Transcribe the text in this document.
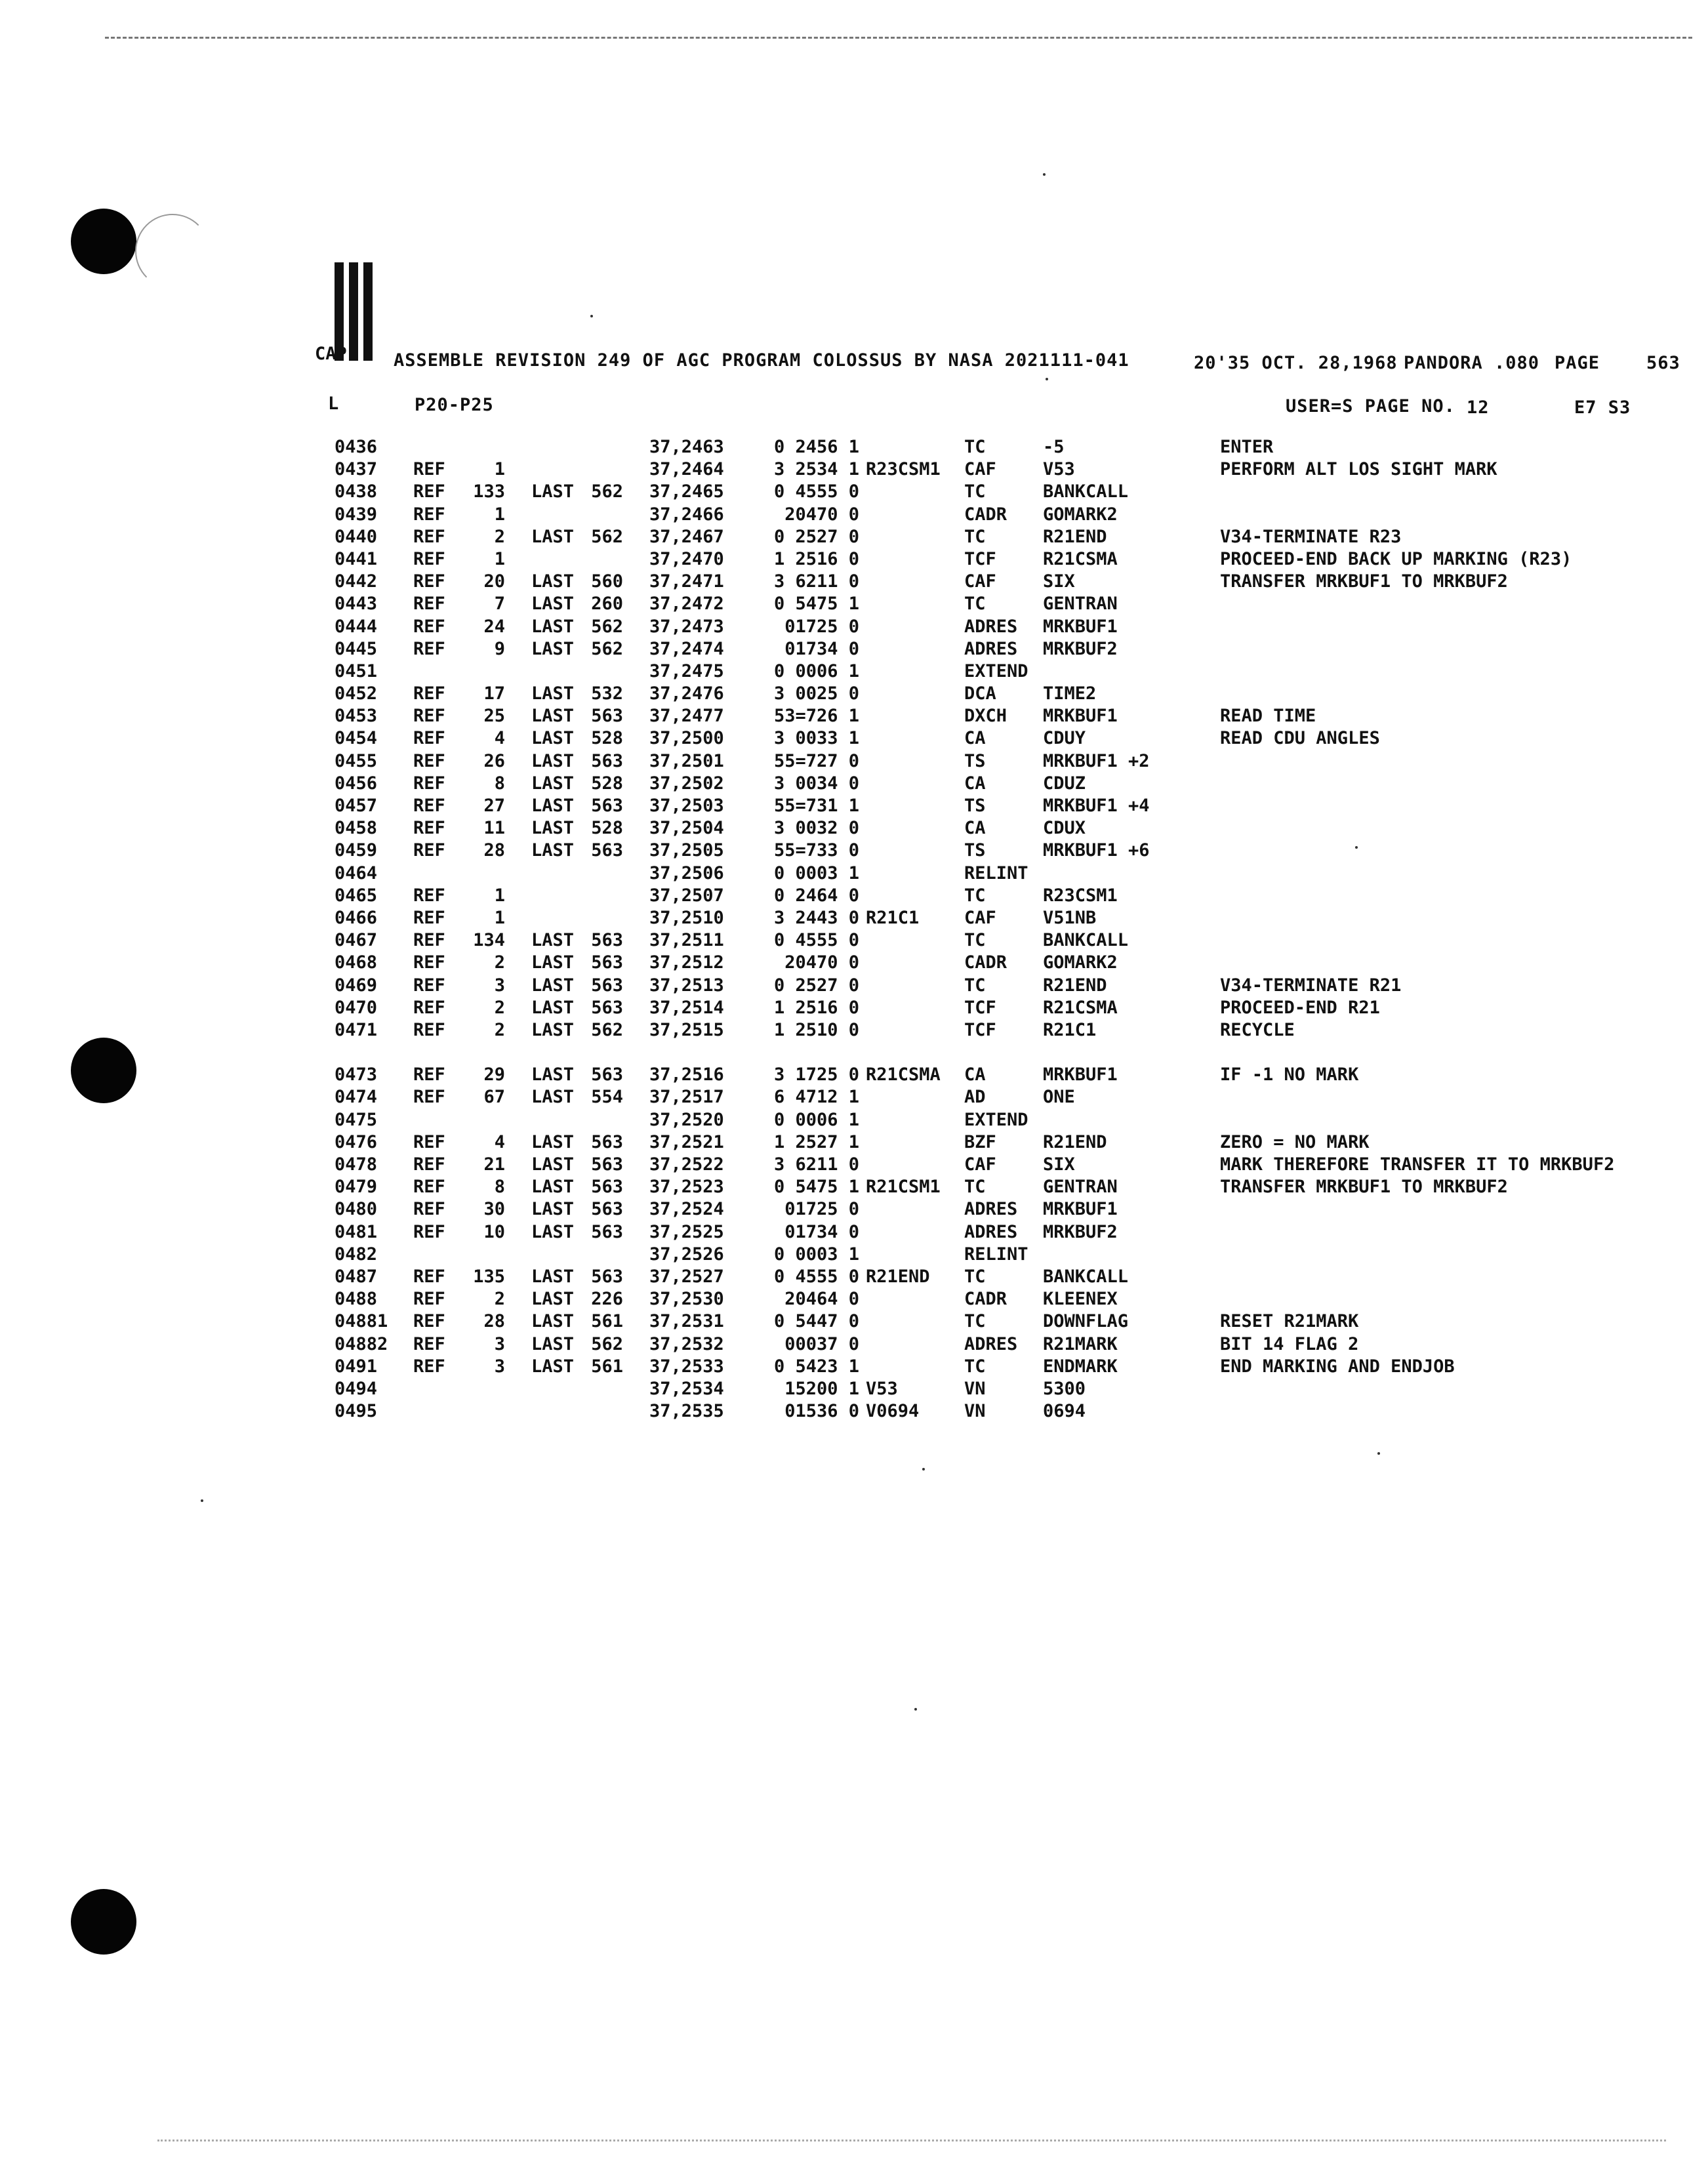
CAP	ASSEMBLE REVISION 249 OF AGC PROGRAM COLOSSUS BY NASA 2021111-041	20'35 OCT. 28,1968 PANDORA .080 PAGE	563
L	P20-P25	USER=S PAGE NO. 12	E7 S3
0436	37,2463	0 2456 1	TC	-5	ENTER
0437 REF	1	37,2464	3 2534 1 R23CSM1 CAF	V53	PERFORM ALT LOS SIGHT MARK
0438 REF	133 LAST 562 37,2465	0 4555 0	TC	BANKCALL
0439 REF	1	37,2466	20470 0	CADR GOMARK2
0440 REF	2 LAST 562 37,2467	0 2527 0	TC	R21END	V34-TERMINATE R23
0441 REF	1	37,2470	1 2516 0	TCF	R21CSMA	PROCEED-END BACK UP MARKING (R23)
0442 REF	20 LAST 560 37,2471	3 6211 0	CAF	SIX	TRANSFER MRKBUF1 TO MRKBUF2
0443 REF	7 LAST 260 37,2472	0 5475 1	TC	GENTRAN
0444 REF	24 LAST 562 37,2473	01725 0	ADRES MRKBUF1
0445 REF	9 LAST 562 37,2474	01734 0	ADRES MRKBUF2
0451	37,2475	0 0006 1	EXTEND
0452 REF	17 LAST 532 37,2476	3 0025 0	DCA	TIME2
0453 REF	25 LAST 563 37,2477	53=726 1	DXCH MRKBUF1	READ TIME
0454 REF	4 LAST 528 37,2500	3 0033 1	CA	CDUY	READ CDU ANGLES
0455 REF	26 LAST 563 37,2501	55=727 0	TS	MRKBUF1 +2
0456 REF	8 LAST 528 37,2502	3 0034 0	CA	CDUZ
0457 REF	27 LAST 563 37,2503	55=731 1	TS	MRKBUF1 +4
0458 REF	11 LAST 528 37,2504	3 0032 0	CA	CDUX
0459 REF	28 LAST 563 37,2505	55=733 0	TS	MRKBUF1 +6
0464	37,2506	0 0003 1	RELINT
0465 REF	1	37,2507	0 2464 0	TC	R23CSM1
0466 REF	1	37,2510	3 2443 0 R21C1	CAF	V51NB
0467 REF	134 LAST 563 37,2511	0 4555 0	TC	BANKCALL
0468 REF	2 LAST 563 37,2512	20470 0	CADR GOMARK2
0469 REF	3 LAST 563 37,2513	0 2527 0	TC	R21END	V34-TERMINATE R21
0470 REF	2 LAST 563 37,2514	1 2516 0	TCF	R21CSMA	PROCEED-END R21
0471 REF	2 LAST 562 37,2515	1 2510 0	TCF	R21C1	RECYCLE
0473 REF	29 LAST 563 37,2516	3 1725 0 R21CSMA CA	MRKBUF1	IF -1 NO MARK
0474 REF	67 LAST 554 37,2517	6 4712 1	AD	ONE
0475	37,2520	0 0006 1	EXTEND
0476 REF	4 LAST 563 37,2521	1 2527 1	BZF	R21END	ZERO = NO MARK
0478 REF	21 LAST 563 37,2522	3 6211 0	CAF	SIX	MARK THEREFORE TRANSFER IT TO MRKBUF2
0479 REF	8 LAST 563 37,2523	0 5475 1 R21CSM1 TC	GENTRAN	TRANSFER MRKBUF1 TO MRKBUF2
0480 REF	30 LAST 563 37,2524	01725 0	ADRES MRKBUF1
0481 REF	10 LAST 563 37,2525	01734 0	ADRES MRKBUF2
0482	37,2526	0 0003 1	RELINT
0487 REF	135 LAST 563 37,2527	0 4555 0 R21END TC	BANKCALL
0488 REF	2 LAST 226 37,2530	20464 0	CADR KLEENEX
04881 REF	28 LAST 561 37,2531	0 5447 0	TC	DOWNFLAG	RESET R21MARK
04882 REF	3 LAST 562 37,2532	00037 0	ADRES R21MARK	BIT 14 FLAG 2
0491 REF	3 LAST 561 37,2533	0 5423 1	TC	ENDMARK	END MARKING AND ENDJOB
0494	37,2534	15200 1 V53	VN	5300
0495	37,2535	01536 0 V0694	VN	0694
